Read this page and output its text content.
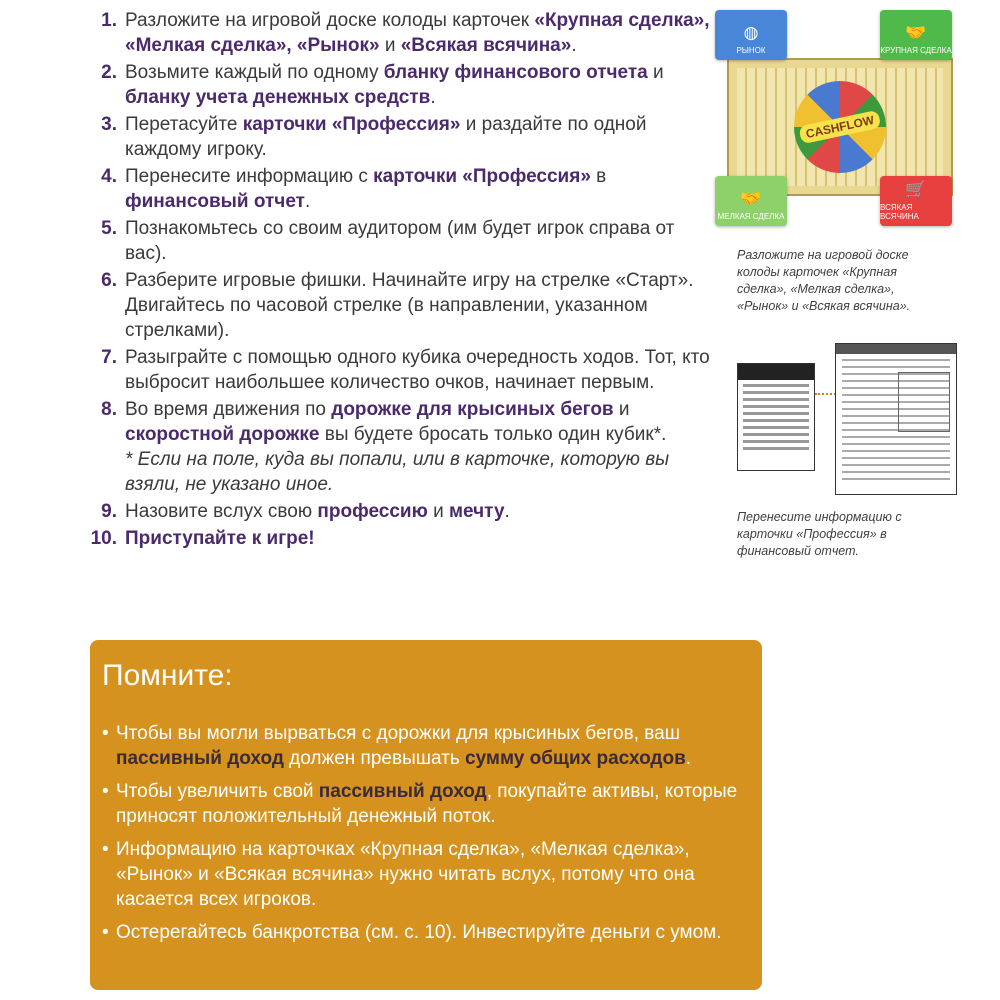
1. Разложите на игровой доске колоды карточек «Крупная сделка», «Мелкая сделка», «Рынок» и «Всякая всячина».
2. Возьмите каждый по одному бланку финансового отчета и бланку учета денежных средств.
3. Перетасуйте карточки «Профессия» и раздайте по одной каждому игроку.
4. Перенесите информацию с карточки «Профессия» в финансовый отчет.
5. Познакомьтесь со своим аудитором (им будет игрок справа от вас).
6. Разберите игровые фишки. Начинайте игру на стрелке «Старт». Двигайтесь по часовой стрелке (в направлении, указанном стрелками).
7. Разыграйте с помощью одного кубика очередность ходов. Тот, кто выбросит наибольшее количество очков, начинает первым.
8. Во время движения по дорожке для крысиных бегов и скоростной дорожке вы будете бросать только один кубик*.
* Если на поле, куда вы попали, или в карточке, которую вы взяли, не указано иное.
9. Назовите вслух свою профессию и мечту.
10. Приступайте к игре!
CASHFLOW
◍
РЫНОК
🤝
КРУПНАЯ СДЕЛКА
🤝
МЕЛКАЯ СДЕЛКА
🛒
ВСЯКАЯ ВСЯЧИНА

Разложите на игровой доске колоды карточек «Крупная сделка», «Мелкая сделка», «Рынок» и «Всякая всячина».

Перенесите информацию с карточки «Профессия» в финансовый отчет.

Помните:
• Чтобы вы могли вырваться с дорожки для крысиных бегов, ваш пассивный доход должен превышать сумму общих расходов.
• Чтобы увеличить свой пассивный доход, покупайте активы, которые приносят положительный денежный поток.
• Информацию на карточках «Крупная сделка», «Мелкая сделка», «Рынок» и «Всякая всячина» нужно читать вслух, потому что она касается всех игроков.
• Остерегайтесь банкротства (см. с. 10). Инвестируйте деньги с умом.
